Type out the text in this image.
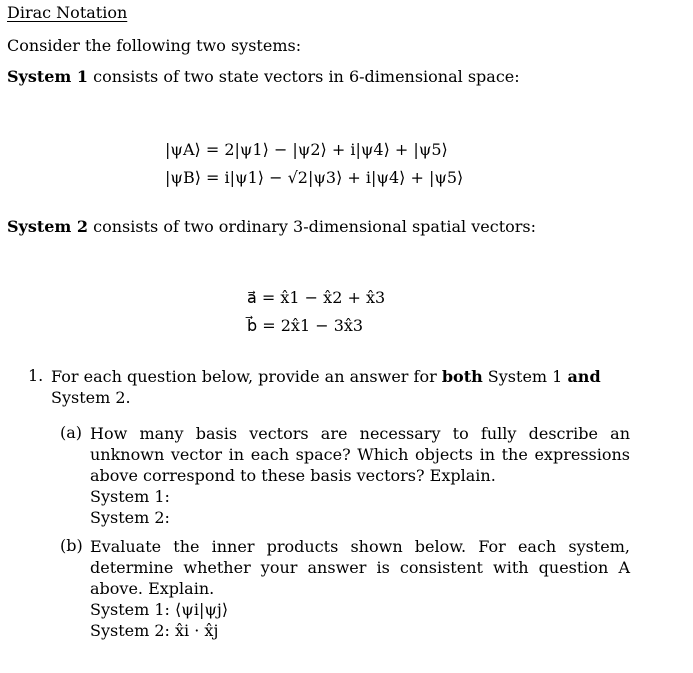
Dirac Notation
Consider the following two systems:
System 1 consists of two state vectors in 6-dimensional space:
|ψA⟩ = 2|ψ1⟩ − |ψ2⟩ + i|ψ4⟩ + |ψ5⟩
|ψB⟩ = i|ψ1⟩ − √2|ψ3⟩ + i|ψ4⟩ + |ψ5⟩
System 2 consists of two ordinary 3-dimensional spatial vectors:
a⃗ = x̂1 − x̂2 + x̂3
b⃗ = 2x̂1 − 3x̂3
1. For each question below, provide an answer for both System 1 and System 2.
(a) How many basis vectors are necessary to fully describe an unknown vector in each space? Which objects in the expressions above correspond to these basis vectors? Explain.
System 1:
System 2:
(b) Evaluate the inner products shown below. For each system, determine whether your answer is consistent with question A above. Explain.
System 1: ⟨ψi|ψj⟩
System 2: x̂i · x̂j
